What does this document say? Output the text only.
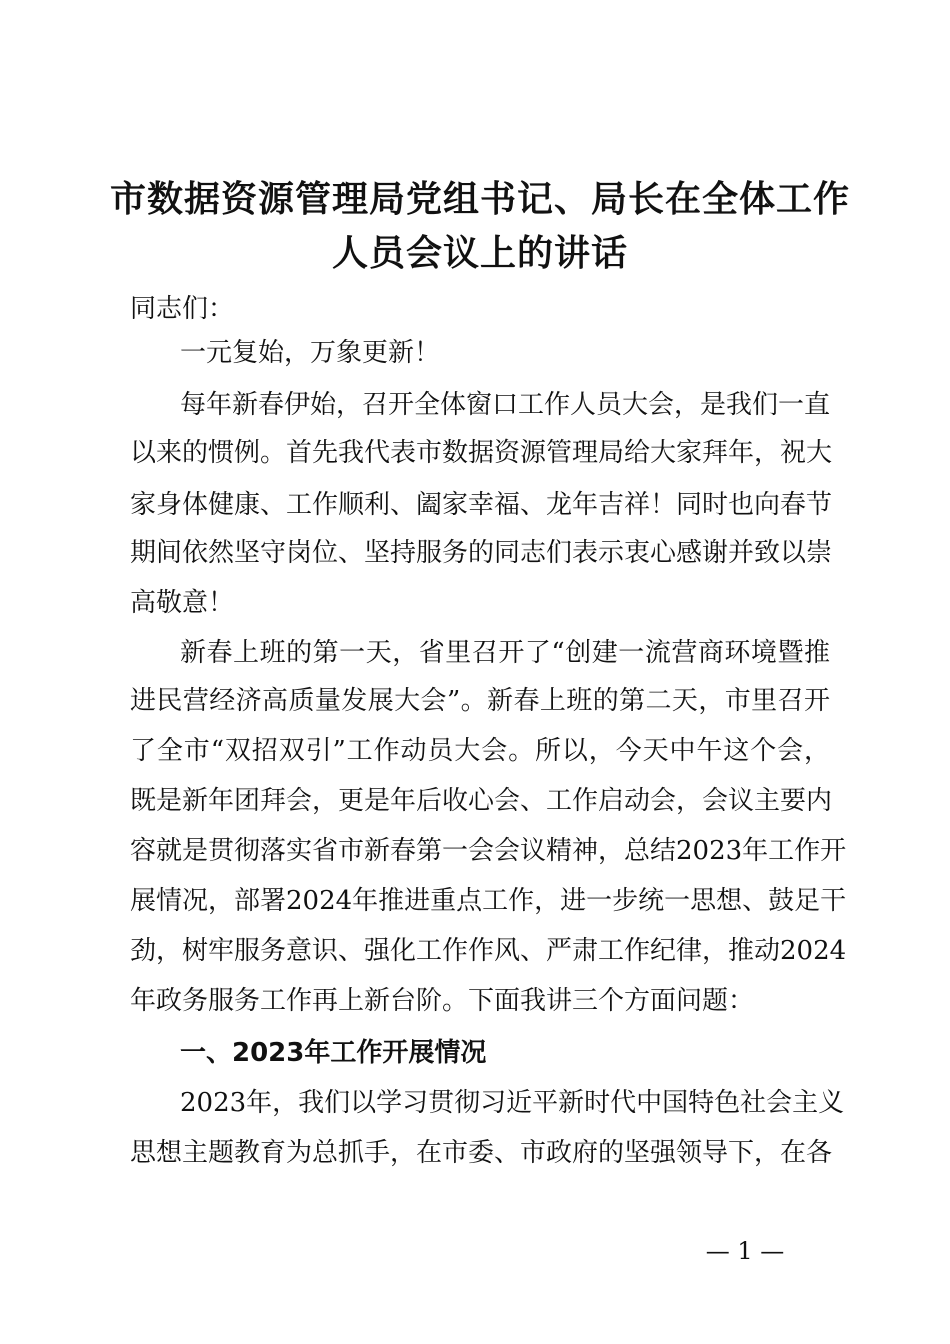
市数据资源管理局党组书记、局长在全体工作
人员会议上的讲话
同志们：
一元复始，万象更新！
每年新春伊始，召开全体窗口工作人员大会，是我们一直
以来的惯例。首先我代表市数据资源管理局给大家拜年，祝大
家身体健康、工作顺利、阖家幸福、龙年吉祥！同时也向春节
期间依然坚守岗位、坚持服务的同志们表示衷心感谢并致以崇
高敬意！
新春上班的第一天，省里召开了“创建一流营商环境暨推
进民营经济高质量发展大会”。新春上班的第二天，市里召开
了全市“双招双引”工作动员大会。所以，今天中午这个会，
既是新年团拜会，更是年后收心会、工作启动会，会议主要内
容就是贯彻落实省市新春第一会会议精神，总结2023年工作开
展情况，部署2024年推进重点工作，进一步统一思想、鼓足干
劲，树牢服务意识、强化工作作风、严肃工作纪律，推动2024
年政务服务工作再上新台阶。下面我讲三个方面问题：
一、2023年工作开展情况
2023年，我们以学习贯彻习近平新时代中国特色社会主义
思想主题教育为总抓手，在市委、市政府的坚强领导下，在各
— 1 —
